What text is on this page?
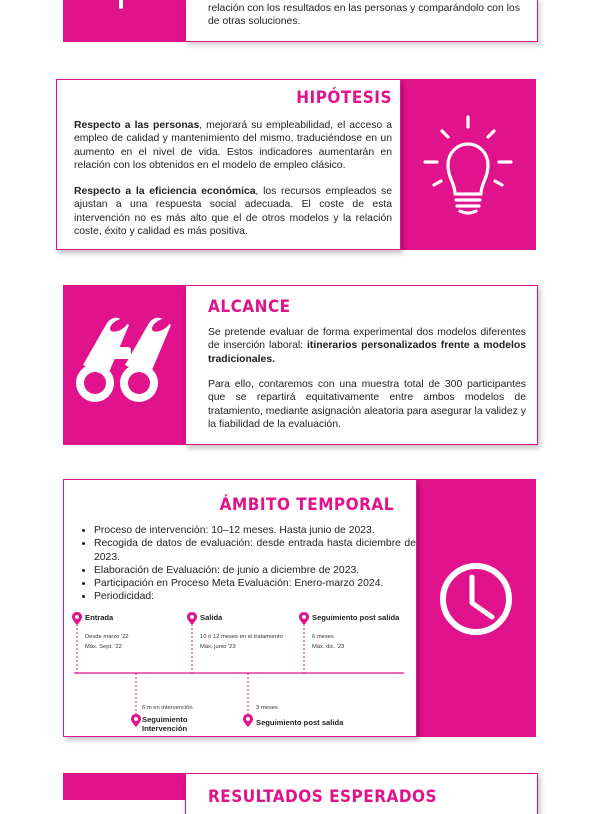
relación con los resultados en las personas y comparándolo con los de otras soluciones.

HIPÓTESIS

Respecto a las personas, mejorará su empleabilidad, el acceso a empleo de calidad y mantenimiento del mismo, traduciéndose en un aumento en el nivel de vida. Estos indicadores aumentarán en relación con los obtenidos en el modelo de empleo clásico.

Respecto a la eficiencia económica, los recursos empleados se ajustan a una respuesta social adecuada. El coste de esta intervención no es más alto que el de otros modelos y la relación coste, éxito y calidad es más positiva.

ALCANCE

Se pretende evaluar de forma experimental dos modelos diferentes de inserción laboral: itinerarios personalizados frente a modelos tradicionales.

Para ello, contaremos con una muestra total de 300 participantes que se repartirá equitativamente entre ambos modelos de tratamiento, mediante asignación aleatoria para asegurar la validez y la fiabilidad de la evaluación.

ÁMBITO TEMPORAL
• Proceso de intervención: 10–12 meses. Hasta junio de 2023.
• Recogida de datos de evaluación: desde entrada hasta diciembre de 2023.
• Elaboración de Evaluación: de junio a diciembre de 2023.
• Participación en Proceso Meta Evaluación: Enero-marzo 2024.
• Periodicidad:
Entrada
Desde marzo '22
Máx. Sept. '22
Salida
10 ó 12 meses en el tratamiento
Máx. junio '23
Seguimiento post salida
6 meses
Máx. dic. '23
6 m en intervención
Seguimiento
Intervención
3 meses
Seguimiento post salida
RESULTADOS ESPERADOS
